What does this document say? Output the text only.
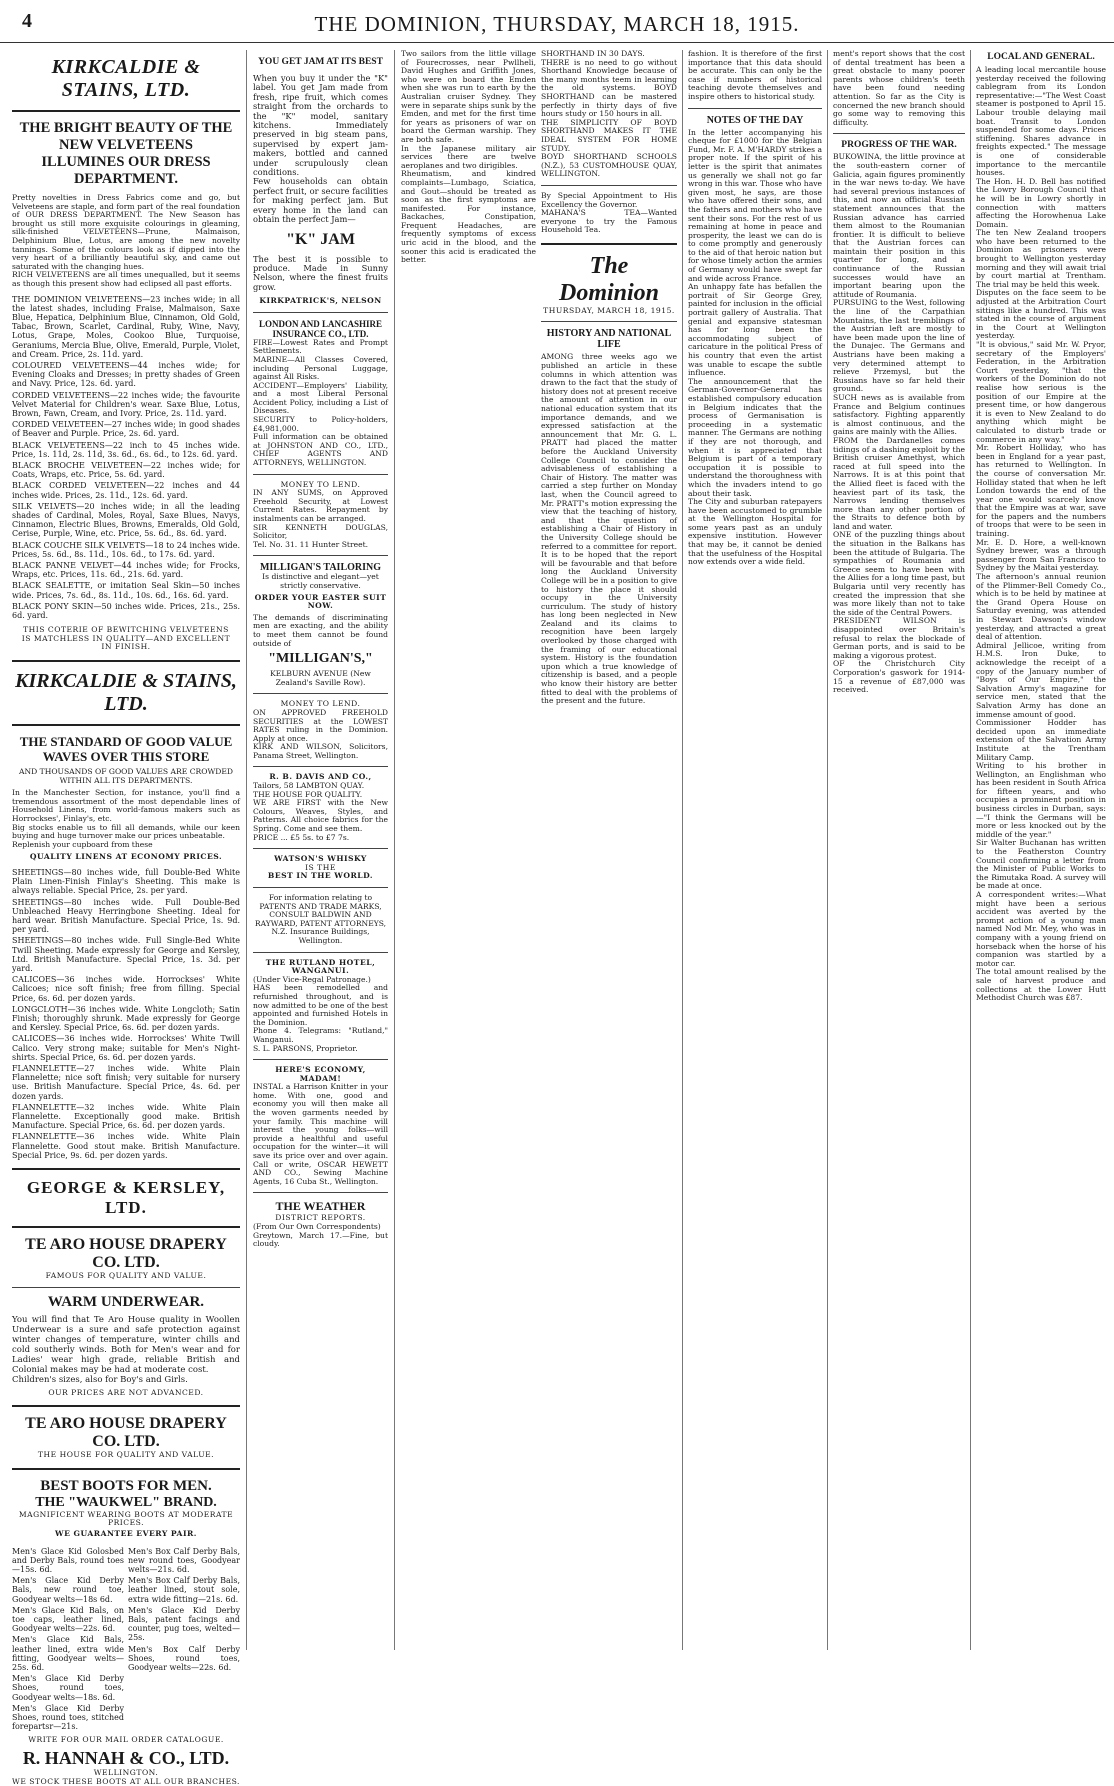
4	THE DOMINION, THURSDAY, MARCH 18, 1915.
KIRKCALDIE & STAINS, LTD.
THE BRIGHT BEAUTY OF THE NEW VELVETEENS ILLUMINES OUR DRESS DEPARTMENT.
Pretty novelties in Dress Fabrics come and go, but Velveteens are staple, and form part of the real foundation of OUR DRESS DEPARTMENT. The New Season has brought us still more exquisite colourings in gleaming, silk-finished VELVETEENS—Prune, Malmaison, Delphinium Blue, Lotus, are among the new novelty tannings. Some of the colours look as if dipped into the very heart of a brilliantly beautiful sky, and came out saturated with the changing hues.
RICH VELVETEENS are all times unequalled, but it seems as though this present show had eclipsed all past efforts.
THE DOMINION VELVETEENS—23 inches wide; in all the latest shades, including Fraise, Malmaison, Saxe Blue, Hepatica, Delphinium Blue, Cinnamon, Old Gold, Tabac, Brown, Scarlet, Cardinal, Ruby, Wine, Navy, Lotus, Grape, Moles, Cookoo Blue, Turquoise, Geraniums, Mercia Blue, Olive, Emerald, Purple, Violet, and Cream. Price, 2s. 11d. yard.
COLOURED VELVETEENS—44 inches wide; for Evening Cloaks and Dresses; in pretty shades of Green and Navy. Price, 12s. 6d. yard.
CORDED VELVETEENS—22 inches wide; the favourite Velvet Material for Children's wear. Saxe Blue, Lotus, Brown, Fawn, Cream, and Ivory. Price, 2s. 11d. yard.
CORDED VELVETEEN—27 inches wide; in good shades of Beaver and Purple. Price, 2s. 6d. yard.
BLACK VELVETEENS—22 inch to 45 inches wide. Price, 1s. 11d, 2s. 11d, 3s. 6d., 6s. 6d., to 12s. 6d. yard.
BLACK BROCHE VELVETEEN—22 inches wide; for Coats, Wraps, etc. Price, 5s. 6d. yard.
BLACK CORDED VELVETEEN—22 inches and 44 inches wide. Prices, 2s. 11d., 12s. 6d. yard.
SILK VELVETS—20 inches wide; in all the leading shades of Cardinal, Moles, Royal, Saxe Blues, Navys, Cinnamon, Electric Blues, Browns, Emeralds, Old Gold, Cerise, Purple, Wine, etc. Price, 5s. 6d., 8s. 6d. yard.
BLACK COUCHE SILK VELVETS—18 to 24 inches wide. Prices, 5s. 6d., 8s. 11d., 10s. 6d., to 17s. 6d. yard.
BLACK PANNE VELVET—44 inches wide; for Frocks, Wraps, etc. Prices, 11s. 6d., 21s. 6d. yard.
BLACK SEALETTE, or imitation Seal Skin—50 inches wide. Prices, 7s. 6d., 8s. 11d., 10s. 6d., 16s. 6d. yard.
BLACK PONY SKIN—50 inches wide. Prices, 21s., 25s. 6d. yard.
THIS COTERIE OF BEWITCHING VELVETEENS IS MATCHLESS IN QUALITY—AND EXCELLENT IN FINISH.
KIRKCALDIE & STAINS, LTD.
THE STANDARD OF GOOD VALUE WAVES OVER THIS STORE
AND THOUSANDS OF GOOD VALUES ARE CROWDED WITHIN ALL ITS DEPARTMENTS.
In the Manchester Section, for instance, you'll find a tremendous assortment of the most dependable lines of Household Linens, from world-famous makers such as Horrockses', Finlay's, etc.
Big stocks enable us to fill all demands, while our keen buying and huge turnover make our prices unbeatable.
Replenish your cupboard from these
QUALITY LINENS AT ECONOMY PRICES.
SHEETINGS—80 inches wide, full Double-Bed White Plain Linen-Finish Finlay's Sheeting. This make is always reliable. Special Price, 2s. per yard.
SHEETINGS—80 inches wide. Full Double-Bed Unbleached Heavy Herringbone Sheeting. Ideal for hard wear. British Manufacture. Special Price, 1s. 9d. per yard.
SHEETINGS—80 inches wide. Full Single-Bed White Twill Sheeting. Made expressly for George and Kersley, Ltd. British Manufacture. Special Price, 1s. 3d. per yard.
CALICOES—36 inches wide. Horrockses' White Calicoes; nice soft finish; free from filling. Special Price, 6s. 6d. per dozen yards.
LONGCLOTH—36 inches wide. White Longcloth; Satin Finish; thoroughly shrunk. Made expressly for George and Kersley. Special Price, 6s. 6d. per dozen yards.
CALICOES—36 inches wide. Horrockses' White Twill Calico. Very strong make; suitable for Men's Night-shirts. Special Price, 6s. 6d. per dozen yards.
FLANNELETTE—27 inches wide. White Plain Flannelette; nice soft finish; very suitable for nursery use. British Manufacture. Special Price, 4s. 6d. per dozen yards.
FLANNELETTE—32 inches wide. White Plain Flannelette. Exceptionally good make. British Manufacture. Special Price, 6s. 6d. per dozen yards.
FLANNELETTE—36 inches wide. White Plain Flannelette. Good stout make. British Manufacture. Special Price, 9s. 6d. per dozen yards.
GEORGE & KERSLEY, LTD.
TE ARO HOUSE DRAPERY CO. LTD.
FAMOUS FOR QUALITY AND VALUE.
WARM UNDERWEAR.
You will find that Te Aro House quality in Woollen Underwear is a sure and safe protection against winter changes of temperature, winter chills and cold southerly winds. Both for Men's wear and for Ladies' wear high grade, reliable British and Colonial makes may be had at moderate cost.
Children's sizes, also for Boy's and Girls.
OUR PRICES ARE NOT ADVANCED.
TE ARO HOUSE DRAPERY CO. LTD.
THE HOUSE FOR QUALITY AND VALUE.
BEST BOOTS FOR MEN.
THE "WAUKWEL" BRAND.
MAGNIFICENT WEARING BOOTS AT MODERATE PRICES.
WE GUARANTEE EVERY PAIR.
Men's Glace Kid Golosbed and Derby Bals, round toes—15s. 6d.
Men's Glace Kid Derby Bals, new round toe, Goodyear welts—18s 6d.
Men's Glace Kid Bals, on toe caps, leather lined, Goodyear welts—22s. 6d.
Men's Glace Kid Bals, leather lined, extra wide fitting, Goodyear welts—25s. 6d.
Men's Glace Kid Derby Shoes, round toes, Goodyear welts—18s. 6d.
Men's Glace Kid Derby Shoes, round toes, stitched forepartsr—21s.
Men's Box Calf Derby Bals, new round toes, Goodyear welts—21s. 6d.
Men's Box Calf Derby Bals, leather lined, stout sole, extra wide fitting—21s. 6d.
Men's Glace Kid Derby Bals, patent facings and counter, pug toes, welted—25s.
Men's Box Calf Derby Shoes, round toes, Goodyear welts—22s. 6d.
WRITE FOR OUR MAIL ORDER CATALOGUE.
R. HANNAH & CO., LTD.
WELLINGTON.
WE STOCK THESE BOOTS AT ALL OUR BRANCHES.
YOU GET JAM AT ITS BEST
When you buy it under the "K" label. You get Jam made from fresh, ripe fruit, which comes straight from the orchards to the "K" model, sanitary kitchens. Immediately preserved in big steam pans, supervised by expert jam-makers, bottled and canned under scrupulously clean conditions.
Few households can obtain perfect fruit, or secure facilities for making perfect jam. But every home in the land can obtain the perfect Jam—
"K" JAM
The best it is possible to produce. Made in Sunny Nelson, where the finest fruits grow.
KIRKPATRICK'S, NELSON
LONDON AND LANCASHIRE INSURANCE CO., LTD.
FIRE—Lowest Rates and Prompt Settlements.
MARINE—All Classes Covered, including Personal Luggage, against All Risks.
ACCIDENT—Employers' Liability, and a most Liberal Personal Accident Policy, including a List of Diseases.
SECURITY to Policy-holders, £4,981,000.
Full information can be obtained at JOHNSTON AND CO., LTD., CHIEF AGENTS AND ATTORNEYS, WELLINGTON.
MONEY TO LEND.
IN ANY SUMS, on Approved Freehold Security, at Lowest Current Rates. Repayment by instalments can be arranged.
SIR KENNETH DOUGLAS, Solicitor,
Tel. No. 31. 11 Hunter Street.
MILLIGAN'S TAILORING
Is distinctive and elegant—yet strictly conservative.
ORDER YOUR EASTER SUIT NOW.
The demands of discriminating men are exacting, and the ability to meet them cannot be found outside of
"MILLIGAN'S,"
KELBURN AVENUE (New Zealand's Saville Row).
MONEY TO LEND.
ON APPROVED FREEHOLD SECURITIES at the LOWEST RATES ruling in the Dominion. Apply at once.
KIRK AND WILSON, Solicitors, Panama Street, Wellington.
R. B. DAVIS AND CO.,
Tailors, 58 LAMBTON QUAY.
THE HOUSE FOR QUALITY.
WE ARE FIRST with the New Colours, Weaves, Styles, and Patterns. All choice fabrics for the Spring. Come and see them.
PRICE ... £5 5s. to £7 7s.
WATSON'S WHISKY
IS THE
BEST IN THE WORLD.
For information relating to PATENTS AND TRADE MARKS, CONSULT BALDWIN AND RAYWARD, PATENT ATTORNEYS, N.Z. Insurance Buildings, Wellington.
THE RUTLAND HOTEL, WANGANUI.
(Under Vice-Regal Patronage.)
HAS been remodelled and refurnished throughout, and is now admitted to be one of the best appointed and furnished Hotels in the Dominion.
Phone 4. Telegrams: "Rutland," Wanganui.
S. L. PARSONS, Proprietor.
HERE'S ECONOMY, MADAM!
INSTAL a Harrison Knitter in your home. With one, good and economy you will then make all the woven garments needed by your family. This machine will interest the young folks—will provide a healthful and useful occupation for the winter—it will save its price over and over again. Call or write, OSCAR HEWETT AND CO., Sewing Machine Agents, 16 Cuba St., Wellington.
THE WEATHER
DISTRICT REPORTS.
(From Our Own Correspondents)
Greytown, March 17.—Fine, but cloudy.
Two sailors from the little village of Fourecrosses, near Pwllheli, David Hughes and Griffith Jones, who were on board the Emden when she was run to earth by the Australian cruiser Sydney. They were in separate ships sunk by the Emden, and met for the first time for years as prisoners of war on board the German warship. They are both safe.
In the Japanese military air services there are twelve aeroplanes and two dirigibles.
Rheumatism, and kindred complaints—Lumbago, Sciatica, and Gout—should be treated as soon as the first symptoms are manifested. For instance, Backaches, Constipation, Frequent Headaches, are frequently symptoms of excess uric acid in the blood, and the sooner this acid is eradicated the better.
SHORTHAND IN 30 DAYS.
THERE is no need to go without Shorthand Knowledge because of the many months teem in learning the old systems. BOYD SHORTHAND can be mastered perfectly in thirty days of five hours study or 150 hours in all.
THE SIMPLICITY OF BOYD SHORTHAND MAKES IT THE IDEAL SYSTEM FOR HOME STUDY.
BOYD SHORTHAND SCHOOLS (N.Z.), 53 CUSTOMHOUSE QUAY, WELLINGTON.
By Special Appointment to His Excellency the Governor.
MAHANA'S TEA—Wanted everyone to try the Famous Household Tea.
The Dominion
THURSDAY, MARCH 18, 1915.
HISTORY AND NATIONAL LIFE
AMONG three weeks ago we published an article in these columns in which attention was drawn to the fact that the study of history does not at present receive the amount of attention in our national education system that its importance demands, and we expressed satisfaction at the announcement that Mr. G. L. PRATT had placed the matter before the Auckland University College Council to consider the advisableness of establishing a Chair of History. The matter was carried a step further on Monday last, when the Council agreed to Mr. PRATT's motion expressing the view that the teaching of history, and that the question of establishing a Chair of History in the University College should be referred to a committee for report. It is to be hoped that the report will be favourable and that before long the Auckland University College will be in a position to give to history the place it should occupy in the University curriculum. The study of history has long been neglected in New Zealand and its claims to recognition have been largely overlooked by those charged with the framing of our educational system. History is the foundation upon which a true knowledge of citizenship is based, and a people who know their history are better fitted to deal with the problems of the present and the future.
fashion. It is therefore of the first importance that this data should be accurate. This can only be the case if numbers of historical teaching devote themselves and inspire others to historical study.
NOTES OF THE DAY
In the letter accompanying his cheque for £1000 for the Belgian Fund, Mr. F. A. M'HARDY strikes a proper note. If the spirit of his letter is the spirit that animates us generally we shall not go far wrong in this war. Those who have given most, he says, are those who have offered their sons, and the fathers and mothers who have sent their sons. For the rest of us remaining at home in peace and prosperity, the least we can do is to come promptly and generously to the aid of that heroic nation but for whose timely action the armies of Germany would have swept far and wide across France.
An unhappy fate has befallen the portrait of Sir George Grey, painted for inclusion in the official portrait gallery of Australia. That genial and expansive statesman has for long been the accommodating subject of caricature in the political Press of his country that even the artist was unable to escape the subtle influence.
The announcement that the German-Governor-General has established compulsory education in Belgium indicates that the process of Germanisation is proceeding in a systematic manner. The Germans are nothing if they are not thorough, and when it is appreciated that Belgium is part of a temporary occupation it is possible to understand the thoroughness with which the invaders intend to go about their task.
The City and suburban ratepayers have been accustomed to grumble at the Wellington Hospital for some years past as an unduly expensive institution. However that may be, it cannot be denied that the usefulness of the Hospital now extends over a wide field.
ment's report shows that the cost of dental treatment has been a great obstacle to many poorer parents whose children's teeth have been found needing attention. So far as the City is concerned the new branch should go some way to removing this difficulty.
PROGRESS OF THE WAR.
BUKOWINA, the little province at the south-eastern corner of Galicia, again figures prominently in the war news to-day. We have had several previous instances of this, and now an official Russian statement announces that the Russian advance has carried them almost to the Roumanian frontier. It is difficult to believe that the Austrian forces can maintain their position in this quarter for long, and a continuance of the Russian successes would have an important bearing upon the attitude of Roumania.
PURSUING to the West, following the line of the Carpathian Mountains, the last tremblings of the Austrian left are mostly to have been made upon the line of the Dunajec. The Germans and Austrians have been making a very determined attempt to relieve Przemysl, but the Russians have so far held their ground.
SUCH news as is available from France and Belgium continues satisfactory. Fighting apparently is almost continuous, and the gains are mainly with the Allies.
FROM the Dardanelles comes tidings of a dashing exploit by the British cruiser Amethyst, which raced at full speed into the Narrows. It is at this point that the Allied fleet is faced with the heaviest part of its task, the Narrows lending themselves more than any other portion of the Straits to defence both by land and water.
ONE of the puzzling things about the situation in the Balkans has been the attitude of Bulgaria. The sympathies of Roumania and Greece seem to have been with the Allies for a long time past, but Bulgaria until very recently has created the impression that she was more likely than not to take the side of the Central Powers.
PRESIDENT WILSON is disappointed over Britain's refusal to relax the blockade of German ports, and is said to be making a vigorous protest.
OF the Christchurch City Corporation's gaswork for 1914-15 a revenue of £87,000 was received.
LOCAL AND GENERAL.
A leading local mercantile house yesterday received the following cablegram from its London representative:—"The West Coast steamer is postponed to April 15. Labour trouble delaying mail boat. Transit to London suspended for some days. Prices stiffening. Shares advance in freights expected." The message is one of considerable importance to the mercantile houses.
The Hon. H. D. Bell has notified the Lowry Borough Council that he will be in Lowry shortly in connection with matters affecting the Horowhenua Lake Domain.
The ten New Zealand troopers who have been returned to the Dominion as prisoners were brought to Wellington yesterday morning and they will await trial by court martial at Trentham. The trial may be held this week.
Disputes on the face seem to be adjusted at the Arbitration Court sittings like a hundred. This was stated in the course of argument in the Court at Wellington yesterday.
"It is obvious," said Mr. W. Pryor, secretary of the Employers' Federation, in the Arbitration Court yesterday, "that the workers of the Dominion do not realise how serious is the position of our Empire at the present time, or how dangerous it is even to New Zealand to do anything which might be calculated to disturb trade or commerce in any way."
Mr. Robert Holliday, who has been in England for a year past, has returned to Wellington. In the course of conversation Mr. Holliday stated that when he left London towards the end of the year one would scarcely know that the Empire was at war, save for the papers and the numbers of troops that were to be seen in training.
Mr. E. D. Hore, a well-known Sydney brewer, was a through passenger from San Francisco to Sydney by the Maitai yesterday.
The afternoon's annual reunion of the Plimmer-Bell Comedy Co., which is to be held by matinee at the Grand Opera House on Saturday evening, was attended in Stewart Dawson's window yesterday, and attracted a great deal of attention.
Admiral Jellicoe, writing from H.M.S. Iron Duke, to acknowledge the receipt of a copy of the January number of "Boys of Our Empire," the Salvation Army's magazine for service men, stated that the Salvation Army has done an immense amount of good.
Commissioner Hodder has decided upon an immediate extension of the Salvation Army Institute at the Trentham Military Camp.
Writing to his brother in Wellington, an Englishman who has been resident in South Africa for fifteen years, and who occupies a prominent position in business circles in Durban, says:—"I think the Germans will be more or less knocked out by the middle of the year."
Sir Walter Buchanan has written to the Featherston Country Council confirming a letter from the Minister of Public Works to the Rimutaka Road. A survey will be made at once.
A correspondent writes:—What might have been a serious accident was averted by the prompt action of a young man named Nod Mr. Mey, who was in company with a young friend on horseback when the horse of his companion was startled by a motor car.
The total amount realised by the sale of harvest produce and collections at the Lower Hutt Methodist Church was £87.
